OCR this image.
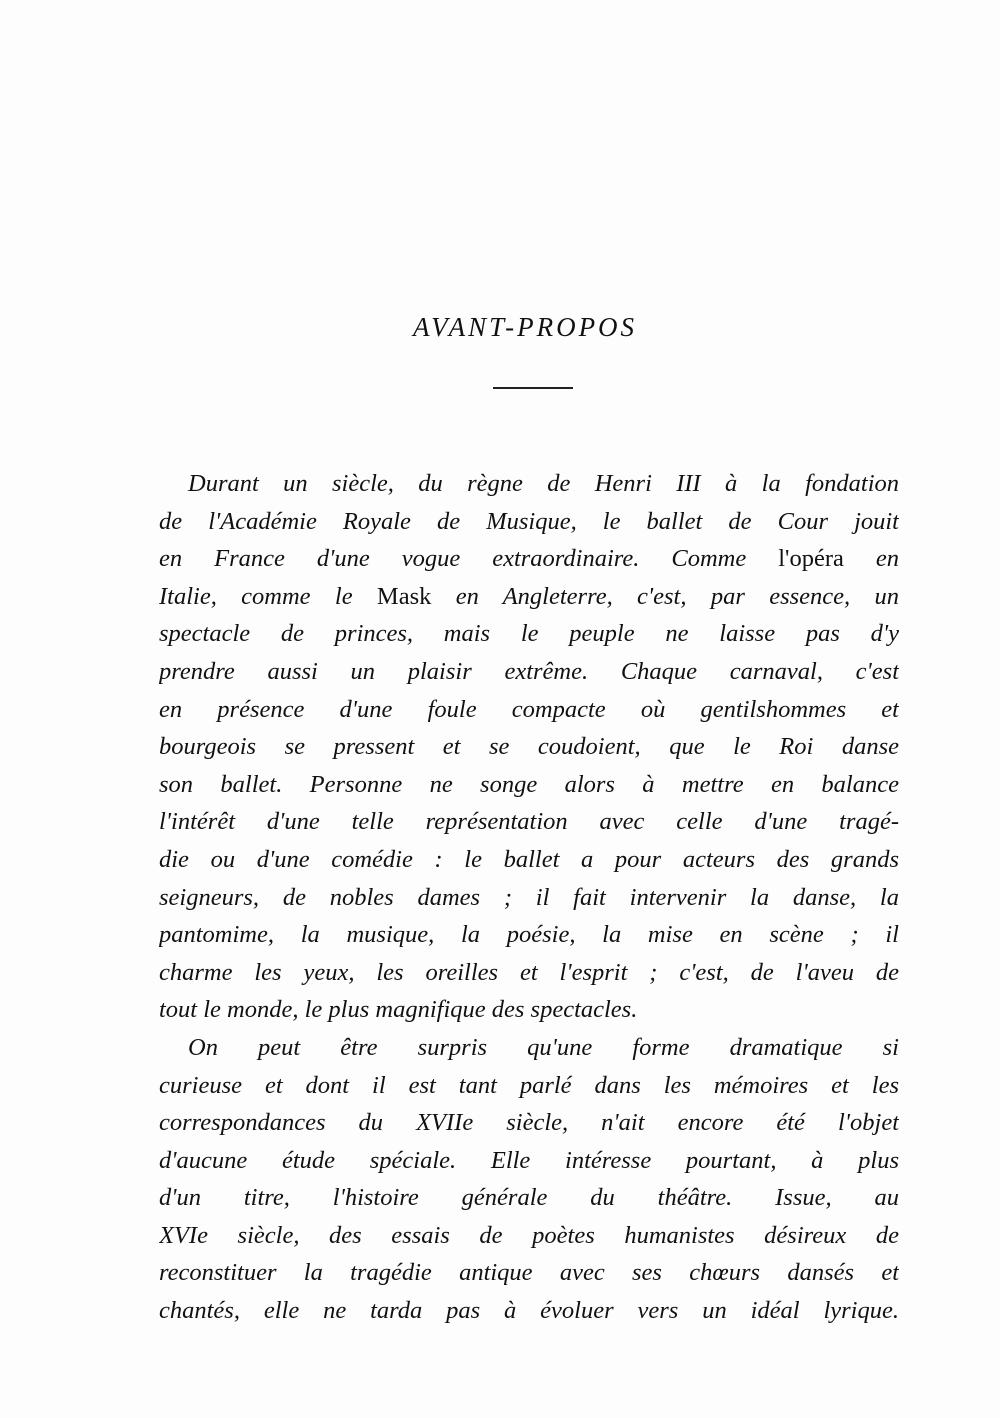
AVANT-PROPOS
Durant un siècle, du règne de Henri III à la fondation
de l'Académie Royale de Musique, le ballet de Cour jouit
en France d'une vogue extraordinaire. Comme l'opéra en
Italie, comme le Mask en Angleterre, c'est, par essence, un
spectacle de princes, mais le peuple ne laisse pas d'y
prendre aussi un plaisir extrême. Chaque carnaval, c'est
en présence d'une foule compacte où gentilshommes et
bourgeois se pressent et se coudoient, que le Roi danse
son ballet. Personne ne songe alors à mettre en balance
l'intérêt d'une telle représentation avec celle d'une tragé-
die ou d'une comédie : le ballet a pour acteurs des grands
seigneurs, de nobles dames ; il fait intervenir la danse, la
pantomime, la musique, la poésie, la mise en scène ; il
charme les yeux, les oreilles et l'esprit ; c'est, de l'aveu de
tout le monde, le plus magnifique des spectacles.
On peut être surpris qu'une forme dramatique si
curieuse et dont il est tant parlé dans les mémoires et les
correspondances du XVIIe siècle, n'ait encore été l'objet
d'aucune étude spéciale. Elle intéresse pourtant, à plus
d'un titre, l'histoire générale du théâtre. Issue, au
XVIe siècle, des essais de poètes humanistes désireux de
reconstituer la tragédie antique avec ses chœurs dansés et
chantés, elle ne tarda pas à évoluer vers un idéal lyrique.
